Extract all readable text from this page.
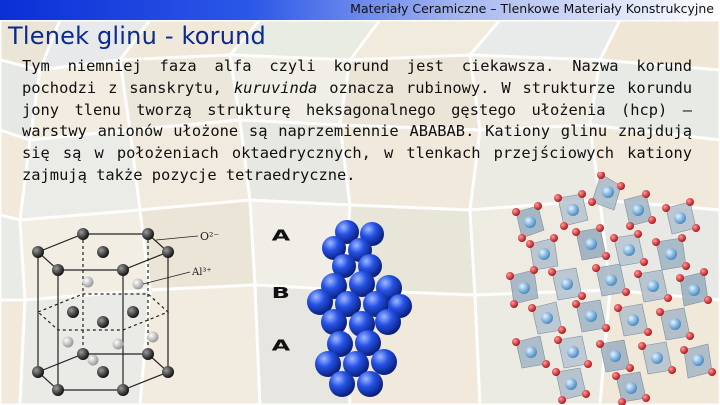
Materiały Ceramiczne – Tlenkowe Materiały Konstrukcyjne
Tlenek glinu - korund
Tym niemniej faza alfa czyli korund jest ciekawsza. Nazwa korund pochodzi z sanskrytu, kuruvinda oznacza rubinowy. W strukturze korundu jony tlenu tworzą strukturę heksagonalnego gęstego ułożenia (hcp) – warstwy anionów ułożone są naprzemiennie ABABAB. Kationy glinu znajdują się są w położeniach oktaedrycznych, w tlenkach przejściowych kationy zajmują także pozycje tetraedryczne.
O²⁻
Al³⁺
A
B
A
